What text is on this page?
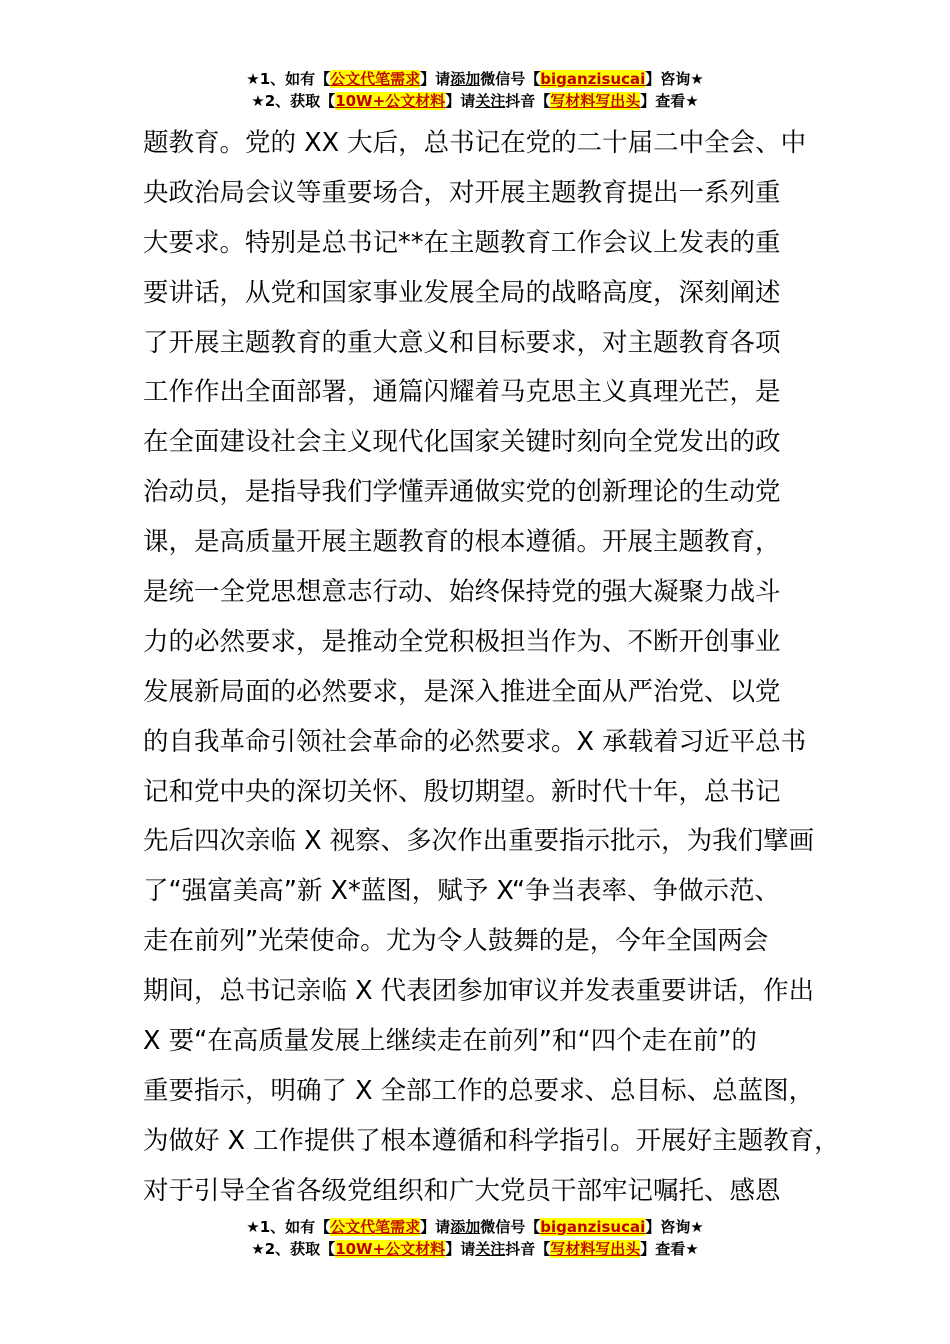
★1、如有【公文代笔需求】请添加微信号【biganzisucai】咨询★
★2、获取【10W+公文材料】请关注抖音【写材料写出头】查看★
题教育。党的 XX 大后，总书记在党的二十届二中全会、中
央政治局会议等重要场合，对开展主题教育提出一系列重
大要求。特别是总书记**在主题教育工作会议上发表的重
要讲话，从党和国家事业发展全局的战略高度，深刻阐述
了开展主题教育的重大意义和目标要求，对主题教育各项
工作作出全面部署，通篇闪耀着马克思主义真理光芒，是
在全面建设社会主义现代化国家关键时刻向全党发出的政
治动员，是指导我们学懂弄通做实党的创新理论的生动党
课，是高质量开展主题教育的根本遵循。开展主题教育，
是统一全党思想意志行动、始终保持党的强大凝聚力战斗
力的必然要求，是推动全党积极担当作为、不断开创事业
发展新局面的必然要求，是深入推进全面从严治党、以党
的自我革命引领社会革命的必然要求。X 承载着习近平总书
记和党中央的深切关怀、殷切期望。新时代十年，总书记
先后四次亲临 X 视察、多次作出重要指示批示，为我们擘画
了“强富美高”新 X*蓝图，赋予 X“争当表率、争做示范、
走在前列”光荣使命。尤为令人鼓舞的是，今年全国两会
期间，总书记亲临 X 代表团参加审议并发表重要讲话，作出
X 要“在高质量发展上继续走在前列”和“四个走在前”的
重要指示，明确了 X 全部工作的总要求、总目标、总蓝图，
为做好 X 工作提供了根本遵循和科学指引。开展好主题教育，
对于引导全省各级党组织和广大党员干部牢记嘱托、感恩
★1、如有【公文代笔需求】请添加微信号【biganzisucai】咨询★
★2、获取【10W+公文材料】请关注抖音【写材料写出头】查看★
